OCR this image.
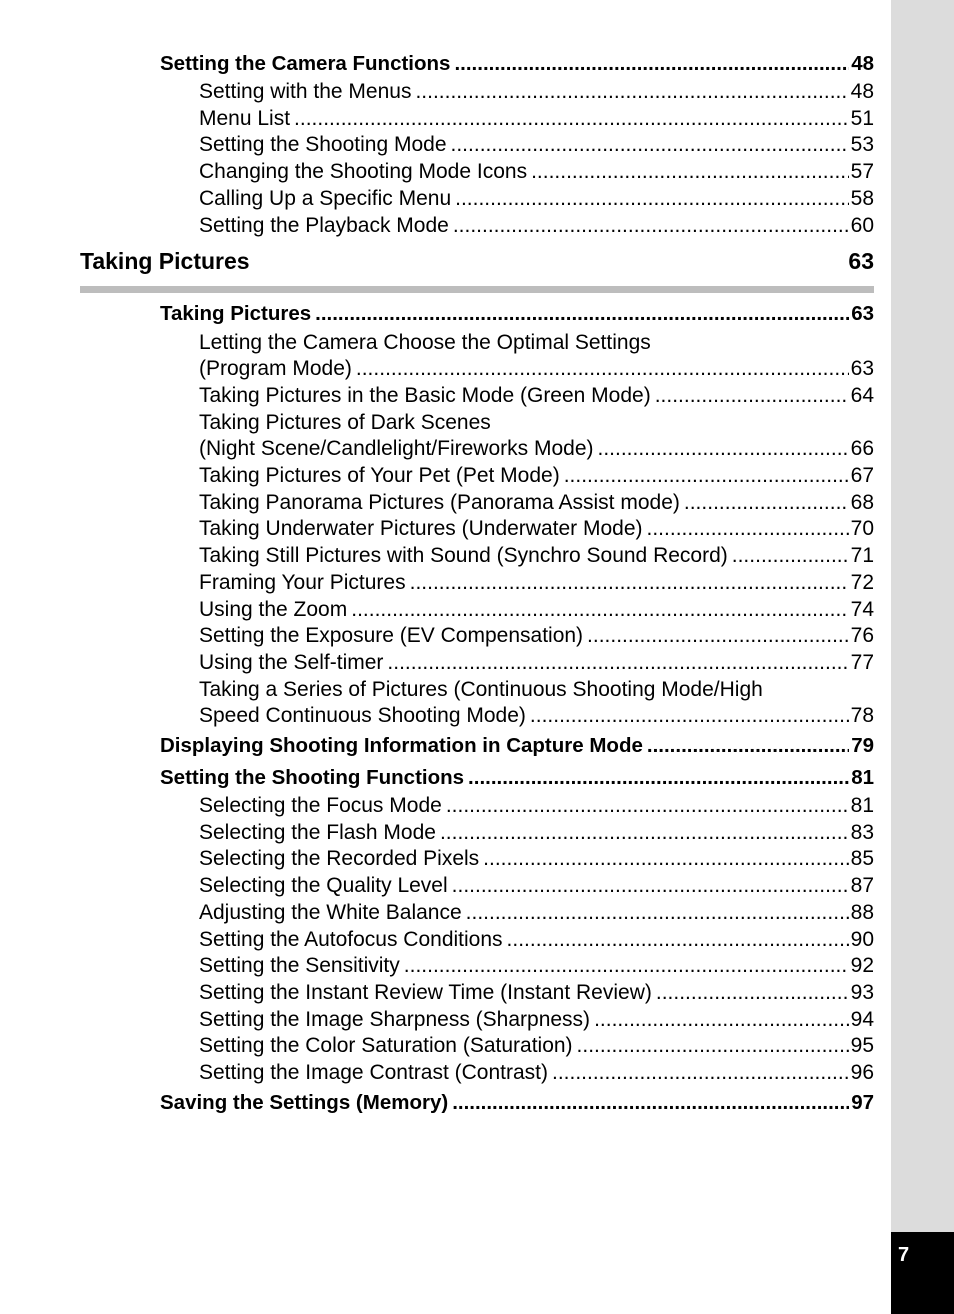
7
Setting the Camera Functions .....	48
Setting with the Menus .....	48
Menu List .....	51
Setting the Shooting Mode .....	53
Changing the Shooting Mode Icons .....	57
Calling Up a Specific Menu .....	58
Setting the Playback Mode .....	60
Taking Pictures	63
Taking Pictures .....	63
Letting the Camera Choose the Optimal Settings
(Program Mode) .....	63
Taking Pictures in the Basic Mode (Green Mode) .....	64
Taking Pictures of Dark Scenes
(Night Scene/Candlelight/Fireworks Mode) .....	66
Taking Pictures of Your Pet (Pet Mode) .....	67
Taking Panorama Pictures (Panorama Assist mode) .....	68
Taking Underwater Pictures (Underwater Mode) .....	70
Taking Still Pictures with Sound (Synchro Sound Record) .....	71
Framing Your Pictures .....	72
Using the Zoom .....	74
Setting the Exposure (EV Compensation) .....	76
Using the Self-timer .....	77
Taking a Series of Pictures (Continuous Shooting Mode/High
Speed Continuous Shooting Mode) .....	78
Displaying Shooting Information in Capture Mode .....	79
Setting the Shooting Functions .....	81
Selecting the Focus Mode .....	81
Selecting the Flash Mode .....	83
Selecting the Recorded Pixels .....	85
Selecting the Quality Level .....	87
Adjusting the White Balance .....	88
Setting the Autofocus Conditions .....	90
Setting the Sensitivity .....	92
Setting the Instant Review Time (Instant Review) .....	93
Setting the Image Sharpness (Sharpness) .....	94
Setting the Color Saturation (Saturation) .....	95
Setting the Image Contrast (Contrast) .....	96
Saving the Settings (Memory) .....	97
